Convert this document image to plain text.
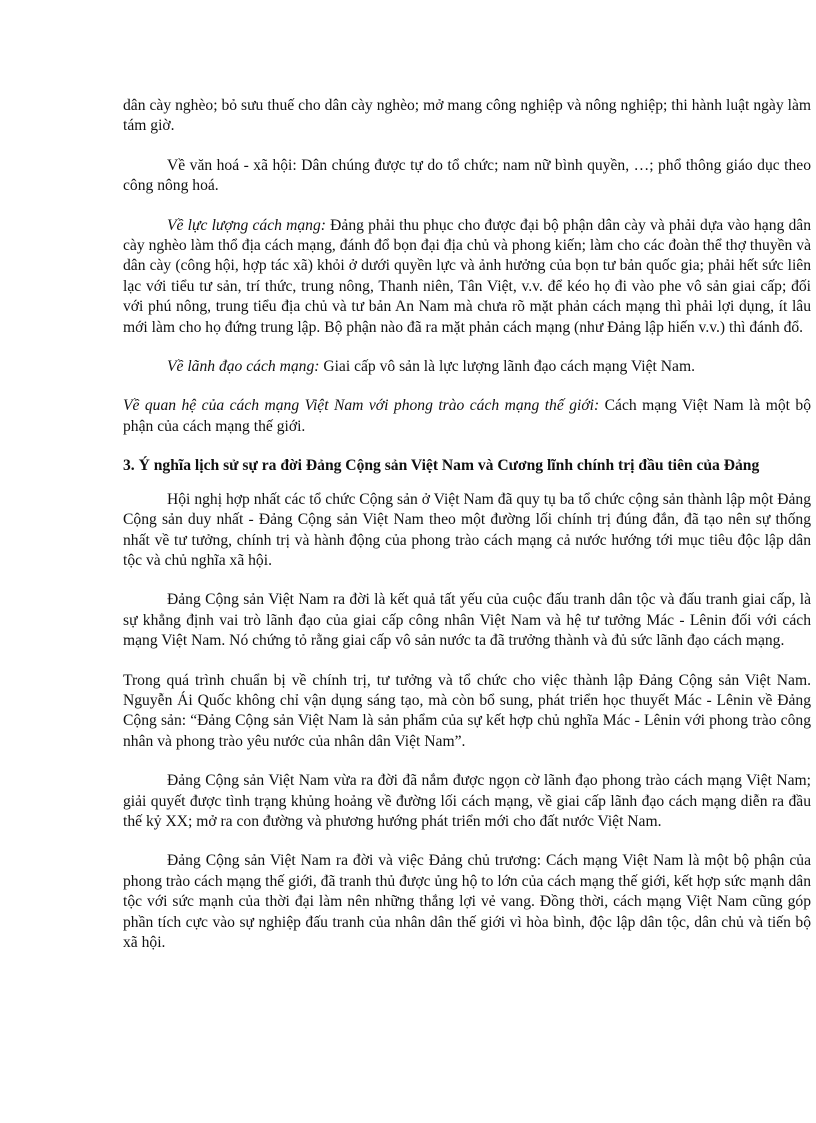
dân cày nghèo; bỏ sưu thuế cho dân cày nghèo; mở mang công nghiệp và nông nghiệp; thi hành luật ngày làm tám giờ.

Về văn hoá - xã hội: Dân chúng được tự do tổ chức; nam nữ bình quyền, …; phổ thông giáo dục theo công nông hoá.

Về lực lượng cách mạng: Đảng phải thu phục cho được đại bộ phận dân cày và phải dựa vào hạng dân cày nghèo làm thổ địa cách mạng, đánh đổ bọn đại địa chủ và phong kiến; làm cho các đoàn thể thợ thuyền và dân cày (công hội, hợp tác xã) khỏi ở dưới quyền lực và ảnh hưởng của bọn tư bản quốc gia; phải hết sức liên lạc với tiểu tư sản, trí thức, trung nông, Thanh niên, Tân Việt, v.v. để kéo họ đi vào phe vô sản giai cấp; đối với phú nông, trung tiểu địa chủ và tư bản An Nam mà chưa rõ mặt phản cách mạng thì phải lợi dụng, ít lâu mới làm cho họ đứng trung lập. Bộ phận nào đã ra mặt phản cách mạng (như Đảng lập hiến v.v.) thì đánh đổ.

Về lãnh đạo cách mạng: Giai cấp vô sản là lực lượng lãnh đạo cách mạng Việt Nam.

Về quan hệ của cách mạng Việt Nam với phong trào cách mạng thế giới: Cách mạng Việt Nam là một bộ phận của cách mạng thế giới.

3. Ý nghĩa lịch sử sự ra đời Đảng Cộng sản Việt Nam và Cương lĩnh chính trị đầu tiên của Đảng

Hội nghị hợp nhất các tổ chức Cộng sản ở Việt Nam đã quy tụ ba tổ chức cộng sản thành lập một Đảng Cộng sản duy nhất - Đảng Cộng sản Việt Nam theo một đường lối chính trị đúng đắn, đã tạo nên sự thống nhất về tư tưởng, chính trị và hành động của phong trào cách mạng cả nước hướng tới mục tiêu độc lập dân tộc và chủ nghĩa xã hội.

Đảng Cộng sản Việt Nam ra đời là kết quả tất yếu của cuộc đấu tranh dân tộc và đấu tranh giai cấp, là sự khẳng định vai trò lãnh đạo của giai cấp công nhân Việt Nam và hệ tư tưởng Mác - Lênin đối với cách mạng Việt Nam. Nó chứng tỏ rằng giai cấp vô sản nước ta đã trưởng thành và đủ sức lãnh đạo cách mạng.

Trong quá trình chuẩn bị về chính trị, tư tưởng và tổ chức cho việc thành lập Đảng Cộng sản Việt Nam. Nguyễn Ái Quốc không chỉ vận dụng sáng tạo, mà còn bổ sung, phát triển học thuyết Mác - Lênin về Đảng Cộng sản: “Đảng Cộng sản Việt Nam là sản phẩm của sự kết hợp chủ nghĩa Mác - Lênin với phong trào công nhân và phong trào yêu nước của nhân dân Việt Nam”.

Đảng Cộng sản Việt Nam vừa ra đời đã nắm được ngọn cờ lãnh đạo phong trào cách mạng Việt Nam; giải quyết được tình trạng khủng hoảng về đường lối cách mạng, về giai cấp lãnh đạo cách mạng diễn ra đầu thế kỷ XX; mở ra con đường và phương hướng phát triển mới cho đất nước Việt Nam.

Đảng Cộng sản Việt Nam ra đời và việc Đảng chủ trương: Cách mạng Việt Nam là một bộ phận của phong trào cách mạng thế giới, đã tranh thủ được ủng hộ to lớn của cách mạng thế giới, kết hợp sức mạnh dân tộc với sức mạnh của thời đại làm nên những thắng lợi vẻ vang. Đồng thời, cách mạng Việt Nam cũng góp phần tích cực vào sự nghiệp đấu tranh của nhân dân thế giới vì hòa bình, độc lập dân tộc, dân chủ và tiến bộ xã hội.
